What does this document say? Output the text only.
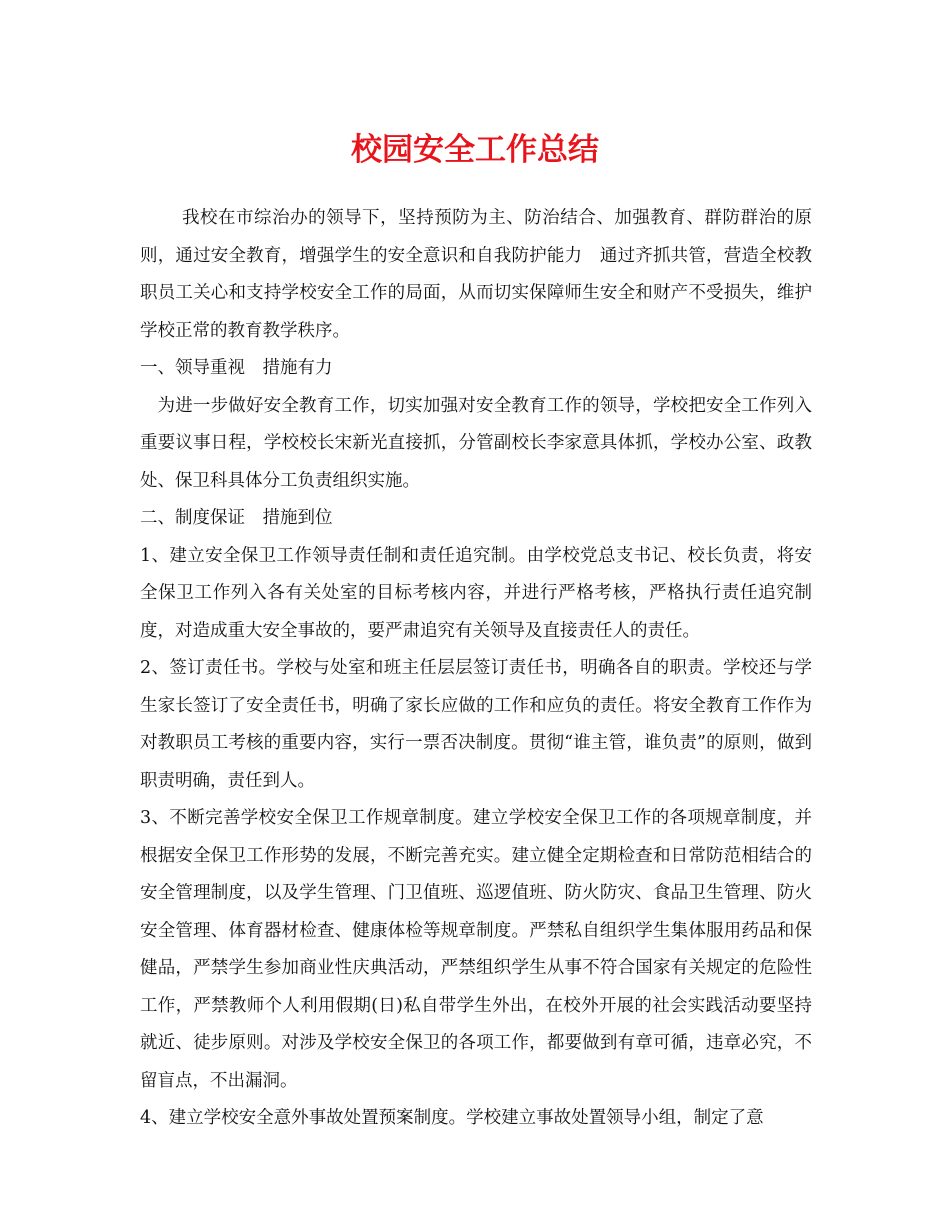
校园安全工作总结

我校在市综治办的领导下，坚持预防为主、防治结合、加强教育、群防群治的原则，通过安全教育，增强学生的安全意识和自我防护能力　通过齐抓共管，营造全校教职员工关心和支持学校安全工作的局面，从而切实保障师生安全和财产不受损失，维护学校正常的教育教学秩序。

一、领导重视　措施有力

为进一步做好安全教育工作，切实加强对安全教育工作的领导，学校把安全工作列入重要议事日程，学校校长宋新光直接抓，分管副校长李家意具体抓，学校办公室、政教处、保卫科具体分工负责组织实施。

二、制度保证　措施到位

1、建立安全保卫工作领导责任制和责任追究制。由学校党总支书记、校长负责，将安全保卫工作列入各有关处室的目标考核内容，并进行严格考核，严格执行责任追究制度，对造成重大安全事故的，要严肃追究有关领导及直接责任人的责任。

2、签订责任书。学校与处室和班主任层层签订责任书，明确各自的职责。学校还与学生家长签订了安全责任书，明确了家长应做的工作和应负的责任。将安全教育工作作为对教职员工考核的重要内容，实行一票否决制度。贯彻“谁主管，谁负责”的原则，做到职责明确，责任到人。

3、不断完善学校安全保卫工作规章制度。建立学校安全保卫工作的各项规章制度，并根据安全保卫工作形势的发展，不断完善充实。建立健全定期检查和日常防范相结合的安全管理制度，以及学生管理、门卫值班、巡逻值班、防火防灾、食品卫生管理、防火安全管理、体育器材检查、健康体检等规章制度。严禁私自组织学生集体服用药品和保健品，严禁学生参加商业性庆典活动，严禁组织学生从事不符合国家有关规定的危险性工作，严禁教师个人利用假期(日)私自带学生外出，在校外开展的社会实践活动要坚持就近、徒步原则。对涉及学校安全保卫的各项工作，都要做到有章可循，违章必究，不留盲点，不出漏洞。

4、建立学校安全意外事故处置预案制度。学校建立事故处置领导小组，制定了意
